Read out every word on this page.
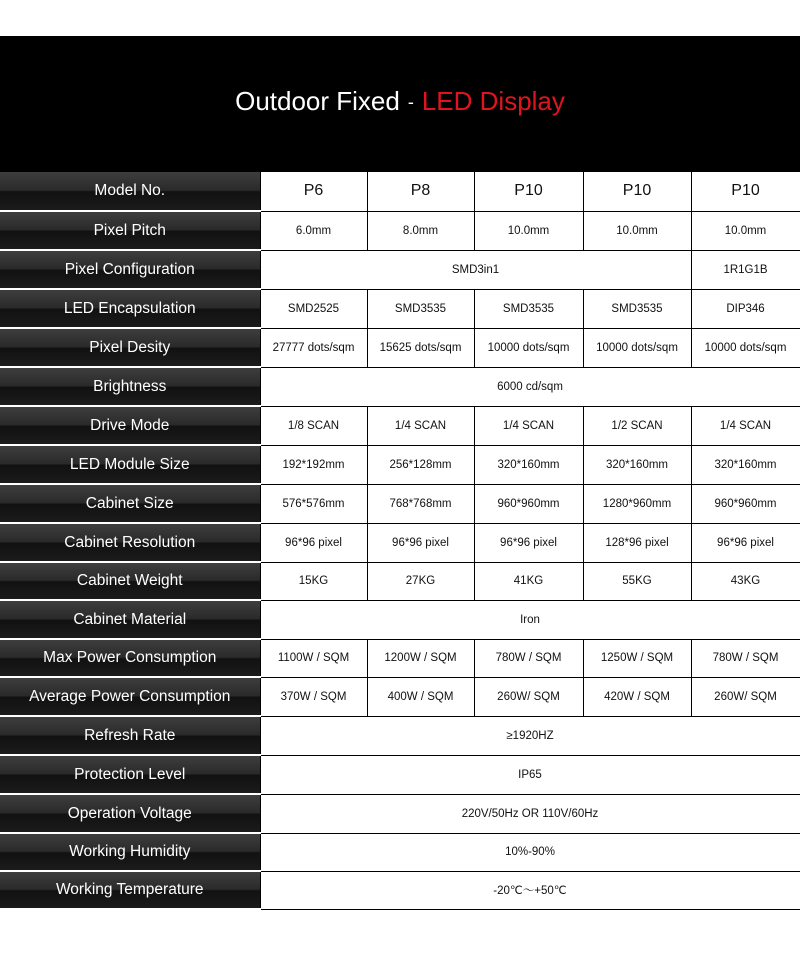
Outdoor Fixed - LED Display
Model No.	P6	P8	P10	P10	P10
Pixel Pitch	6.0mm	8.0mm	10.0mm	10.0mm	10.0mm
Pixel Configuration	SMD3in1				1R1G1B
LED Encapsulation	SMD2525	SMD3535	SMD3535	SMD3535	DIP346
Pixel Desity	27777 dots/sqm	15625 dots/sqm	10000 dots/sqm	10000 dots/sqm	10000 dots/sqm
Brightness	6000 cd/sqm				
Drive Mode	1/8 SCAN	1/4 SCAN	1/4 SCAN	1/2 SCAN	1/4 SCAN
LED Module Size	192*192mm	256*128mm	320*160mm	320*160mm	320*160mm
Cabinet Size	576*576mm	768*768mm	960*960mm	1280*960mm	960*960mm
Cabinet Resolution	96*96 pixel	96*96 pixel	96*96 pixel	128*96 pixel	96*96 pixel
Cabinet Weight	15KG	27KG	41KG	55KG	43KG
Cabinet Material	Iron				
Max Power Consumption	1100W / SQM	1200W / SQM	780W / SQM	1250W / SQM	780W / SQM
Average Power Consumption	370W / SQM	400W / SQM	260W/ SQM	420W / SQM	260W/ SQM
Refresh Rate	≥1920HZ				
Protection Level	IP65				
Operation Voltage	220V/50Hz OR 110V/60Hz				
Working Humidity	10%-90%				
Working Temperature	-20℃～+50℃				
